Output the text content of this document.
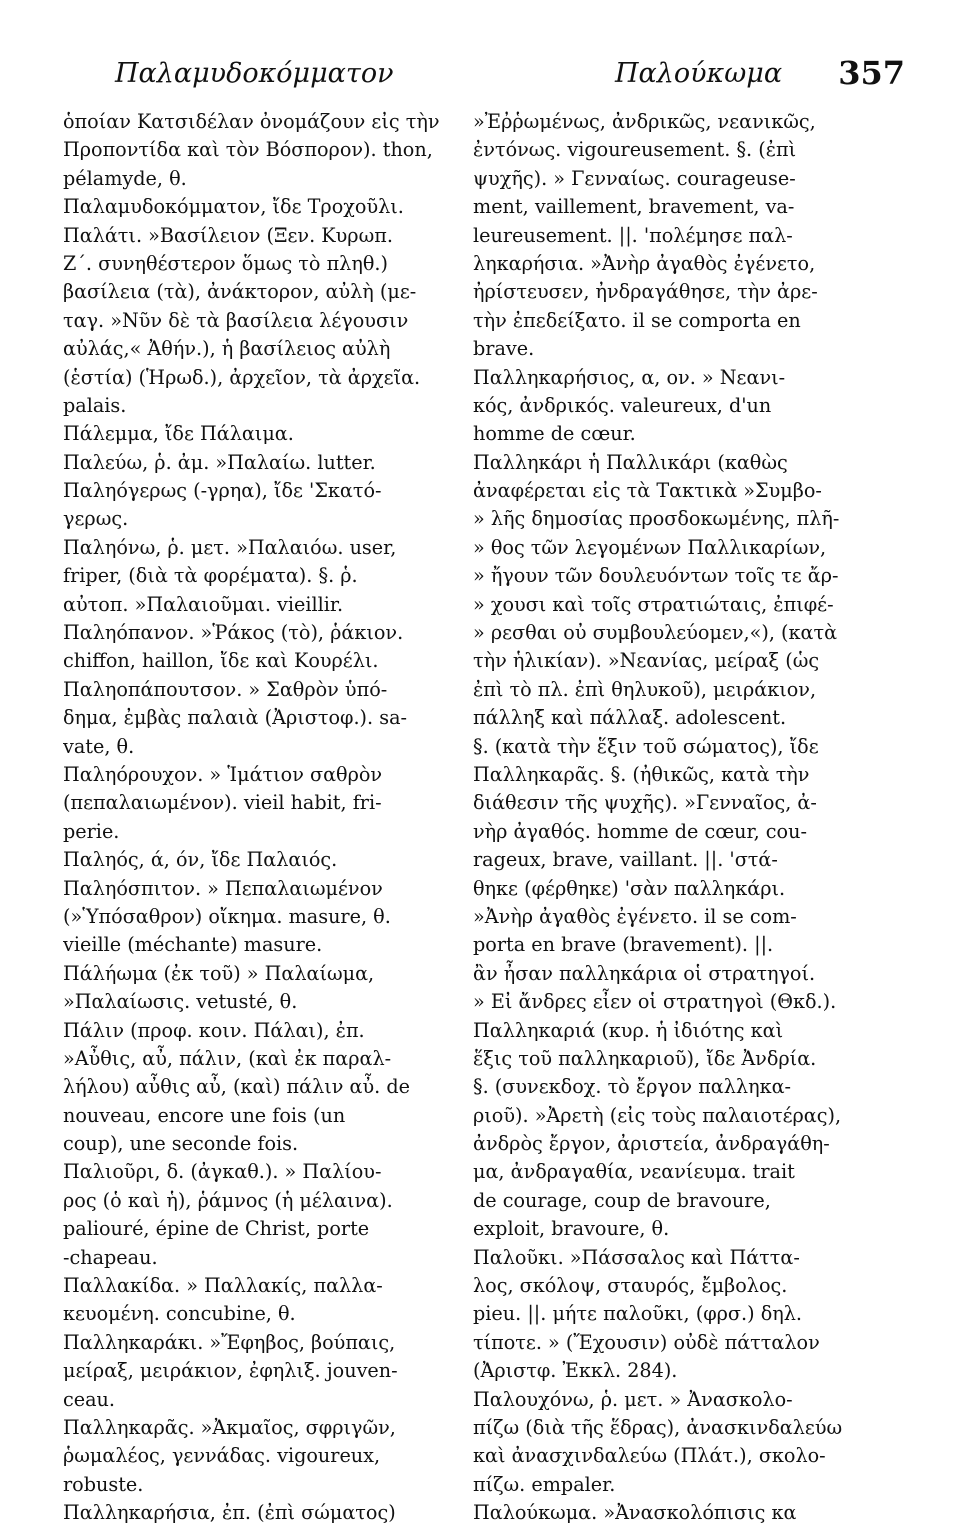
Παλαμυδοκόμματον	Παλούκωμα 357
ὁποίαν Κατσιδέλαν ὀνομάζουν εἰς τὴν
Προποντίδα καὶ τὸν Βόσπορον). thon,
pélamyde, θ.
Παλαμυδοκόμματον, ἴδε Τροχοῦλι.
Παλάτι. »Βασίλειον (Ξεν. Κυρωπ.
Ζ΄. συνηθέστερον ὅμως τὸ πληθ.)
βασίλεια (τὰ), ἀνάκτορον, αὐλὴ (με-
ταγ. »Νῦν δὲ τὰ βασίλεια λέγουσιν
αὐλάς,« Ἀθήν.), ἡ βασίλειος αὐλὴ
(ἑστία) (Ἡρωδ.), ἀρχεῖον, τὰ ἀρχεῖα.
palais.
Πάλεμμα, ἴδε Πάλαιμα.
Παλεύω, ῥ. ἀμ. »Παλαίω. lutter.
Παληόγερως (-γρηα), ἴδε 'Σκατό-
γερως.
Παληόνω, ῥ. μετ. »Παλαιόω. user,
friper, (διὰ τὰ φορέματα). §. ῥ.
αὐτοπ. »Παλαιοῦμαι. vieillir.
Παληόπανον. »Ῥάκος (τὸ), ῥάκιον.
chiffon, haillon, ἴδε καὶ Κουρέλι.
Παληοπάπουτσον. » Σαθρὸν ὑπό-
δημα, ἐμβὰς παλαιὰ (Ἀριστοφ.). sa-
vate, θ.
Παληόρουχον. » Ἱμάτιον σαθρὸν
(πεπαλαιωμένον). vieil habit, fri-
perie.
Παληός, ά, όν, ἴδε Παλαιός.
Παληόσπιτον. » Πεπαλαιωμένον
(»Ὑπόσαθρον) οἴκημα. masure, θ.
vieille (méchante) masure.
Πάλήωμα (ἐκ τοῦ) » Παλαίωμα,
»Παλαίωσις. vetusté, θ.
Πάλιν (προφ. κοιν. Πάλαι), ἐπ.
»Αὖθις, αὖ, πάλιν, (καὶ ἐκ παραλ-
λήλου) αὖθις αὖ, (καὶ) πάλιν αὖ. de
nouveau, encore une fois (un
coup), une seconde fois.
Παλιοῦρι, δ. (ἀγκαθ.). » Παλίου-
ρος (ὁ καὶ ἡ), ῥάμνος (ἡ μέλαινα).
paliouré, épine de Christ, porte
-chapeau.
Παλλακίδα. » Παλλακίς, παλλα-
κευομένη. concubine, θ.
Παλληκαράκι. »Ἔφηβος, βούπαις,
μείραξ, μειράκιον, ἐφηλιξ. jouven-
ceau.
Παλληκαρᾶς. »Ἀκμαῖος, σφριγῶν,
ῥωμαλέος, γεννάδας. vigoureux,
robuste.
Παλληκαρήσια, ἐπ. (ἐπὶ σώματος)
»Ἐῤῥωμένως, ἀνδρικῶς, νεανικῶς,
ἐντόνως. vigoureusement. §. (ἐπὶ
ψυχῆς). » Γενναίως. courageuse-
ment, vaillement, bravement, va-
leureusement. ||. 'πολέμησε παλ-
ληκαρήσια. »Ἀνὴρ ἀγαθὸς ἐγένετο,
ἠρίστευσεν, ἠνδραγάθησε, τὴν ἀρε-
τὴν ἐπεδείξατο. il se comporta en
brave.
Παλληκαρήσιος, α, ον. » Νεανι-
κός, ἀνδρικός. valeureux, d'un
homme de cœur.
Παλληκάρι ἡ Παλλικάρι (καθὼς
ἀναφέρεται εἰς τὰ Τακτικὰ »Συμβο-
» λῆς δημοσίας προσδοκωμένης, πλῆ-
» θος τῶν λεγομένων Παλλικαρίων,
» ἤγουν τῶν δουλευόντων τοῖς τε ἄρ-
» χουσι καὶ τοῖς στρατιώταις, ἐπιφέ-
» ρεσθαι οὐ συμβουλεύομεν,«), (κατὰ
τὴν ἡλικίαν). »Νεανίας, μείραξ (ὡς
ἐπὶ τὸ πλ. ἐπὶ θηλυκοῦ), μειράκιον,
πάλληξ καὶ πάλλαξ. adolescent.
§. (κατὰ τὴν ἕξιν τοῦ σώματος), ἴδε
Παλληκαρᾶς. §. (ἠθικῶς, κατὰ τὴν
διάθεσιν τῆς ψυχῆς). »Γενναῖος, ἀ-
νὴρ ἀγαθός. homme de cœur, cou-
rageux, brave, vaillant. ||. 'στά-
θηκε (φέρθηκε) 'σὰν παλληκάρι.
»Ἀνὴρ ἀγαθὸς ἐγένετο. il se com-
porta en brave (bravement). ||.
ἂν ἦσαν παλληκάρια οἱ στρατηγοί.
» Εἰ ἄνδρες εἶεν οἱ στρατηγοὶ (Θκδ.).
Παλληκαριά (κυρ. ἡ ἰδιότης καὶ
ἕξις τοῦ παλληκαριοῦ), ἴδε Ἀνδρία.
§. (συνεκδοχ. τὸ ἔργον παλληκα-
ριοῦ). »Ἀρετὴ (εἰς τοὺς παλαιοτέρας),
ἀνδρὸς ἔργον, ἀριστεία, ἀνδραγάθη-
μα, ἀνδραγαθία, νεανίευμα. trait
de courage, coup de bravoure,
exploit, bravoure, θ.
Παλοῦκι. »Πάσσαλος καὶ Πάττα-
λος, σκόλοψ, σταυρός, ἔμβολος.
pieu. ||. μήτε παλοῦκι, (φρσ.) δηλ.
τίποτε. » (Ἔχουσιν) οὐδὲ πάτταλον
(Ἀριστφ. Ἐκκλ. 284).
Παλουχόνω, ῥ. μετ. » Ἀνασκολο-
πίζω (διὰ τῆς ἕδρας), ἀνασκινδαλεύω
καὶ ἀνασχινδαλεύω (Πλάτ.), σκολο-
πίζω. empaler.
Παλούκωμα. »Ἀνασκολόπισις κα
